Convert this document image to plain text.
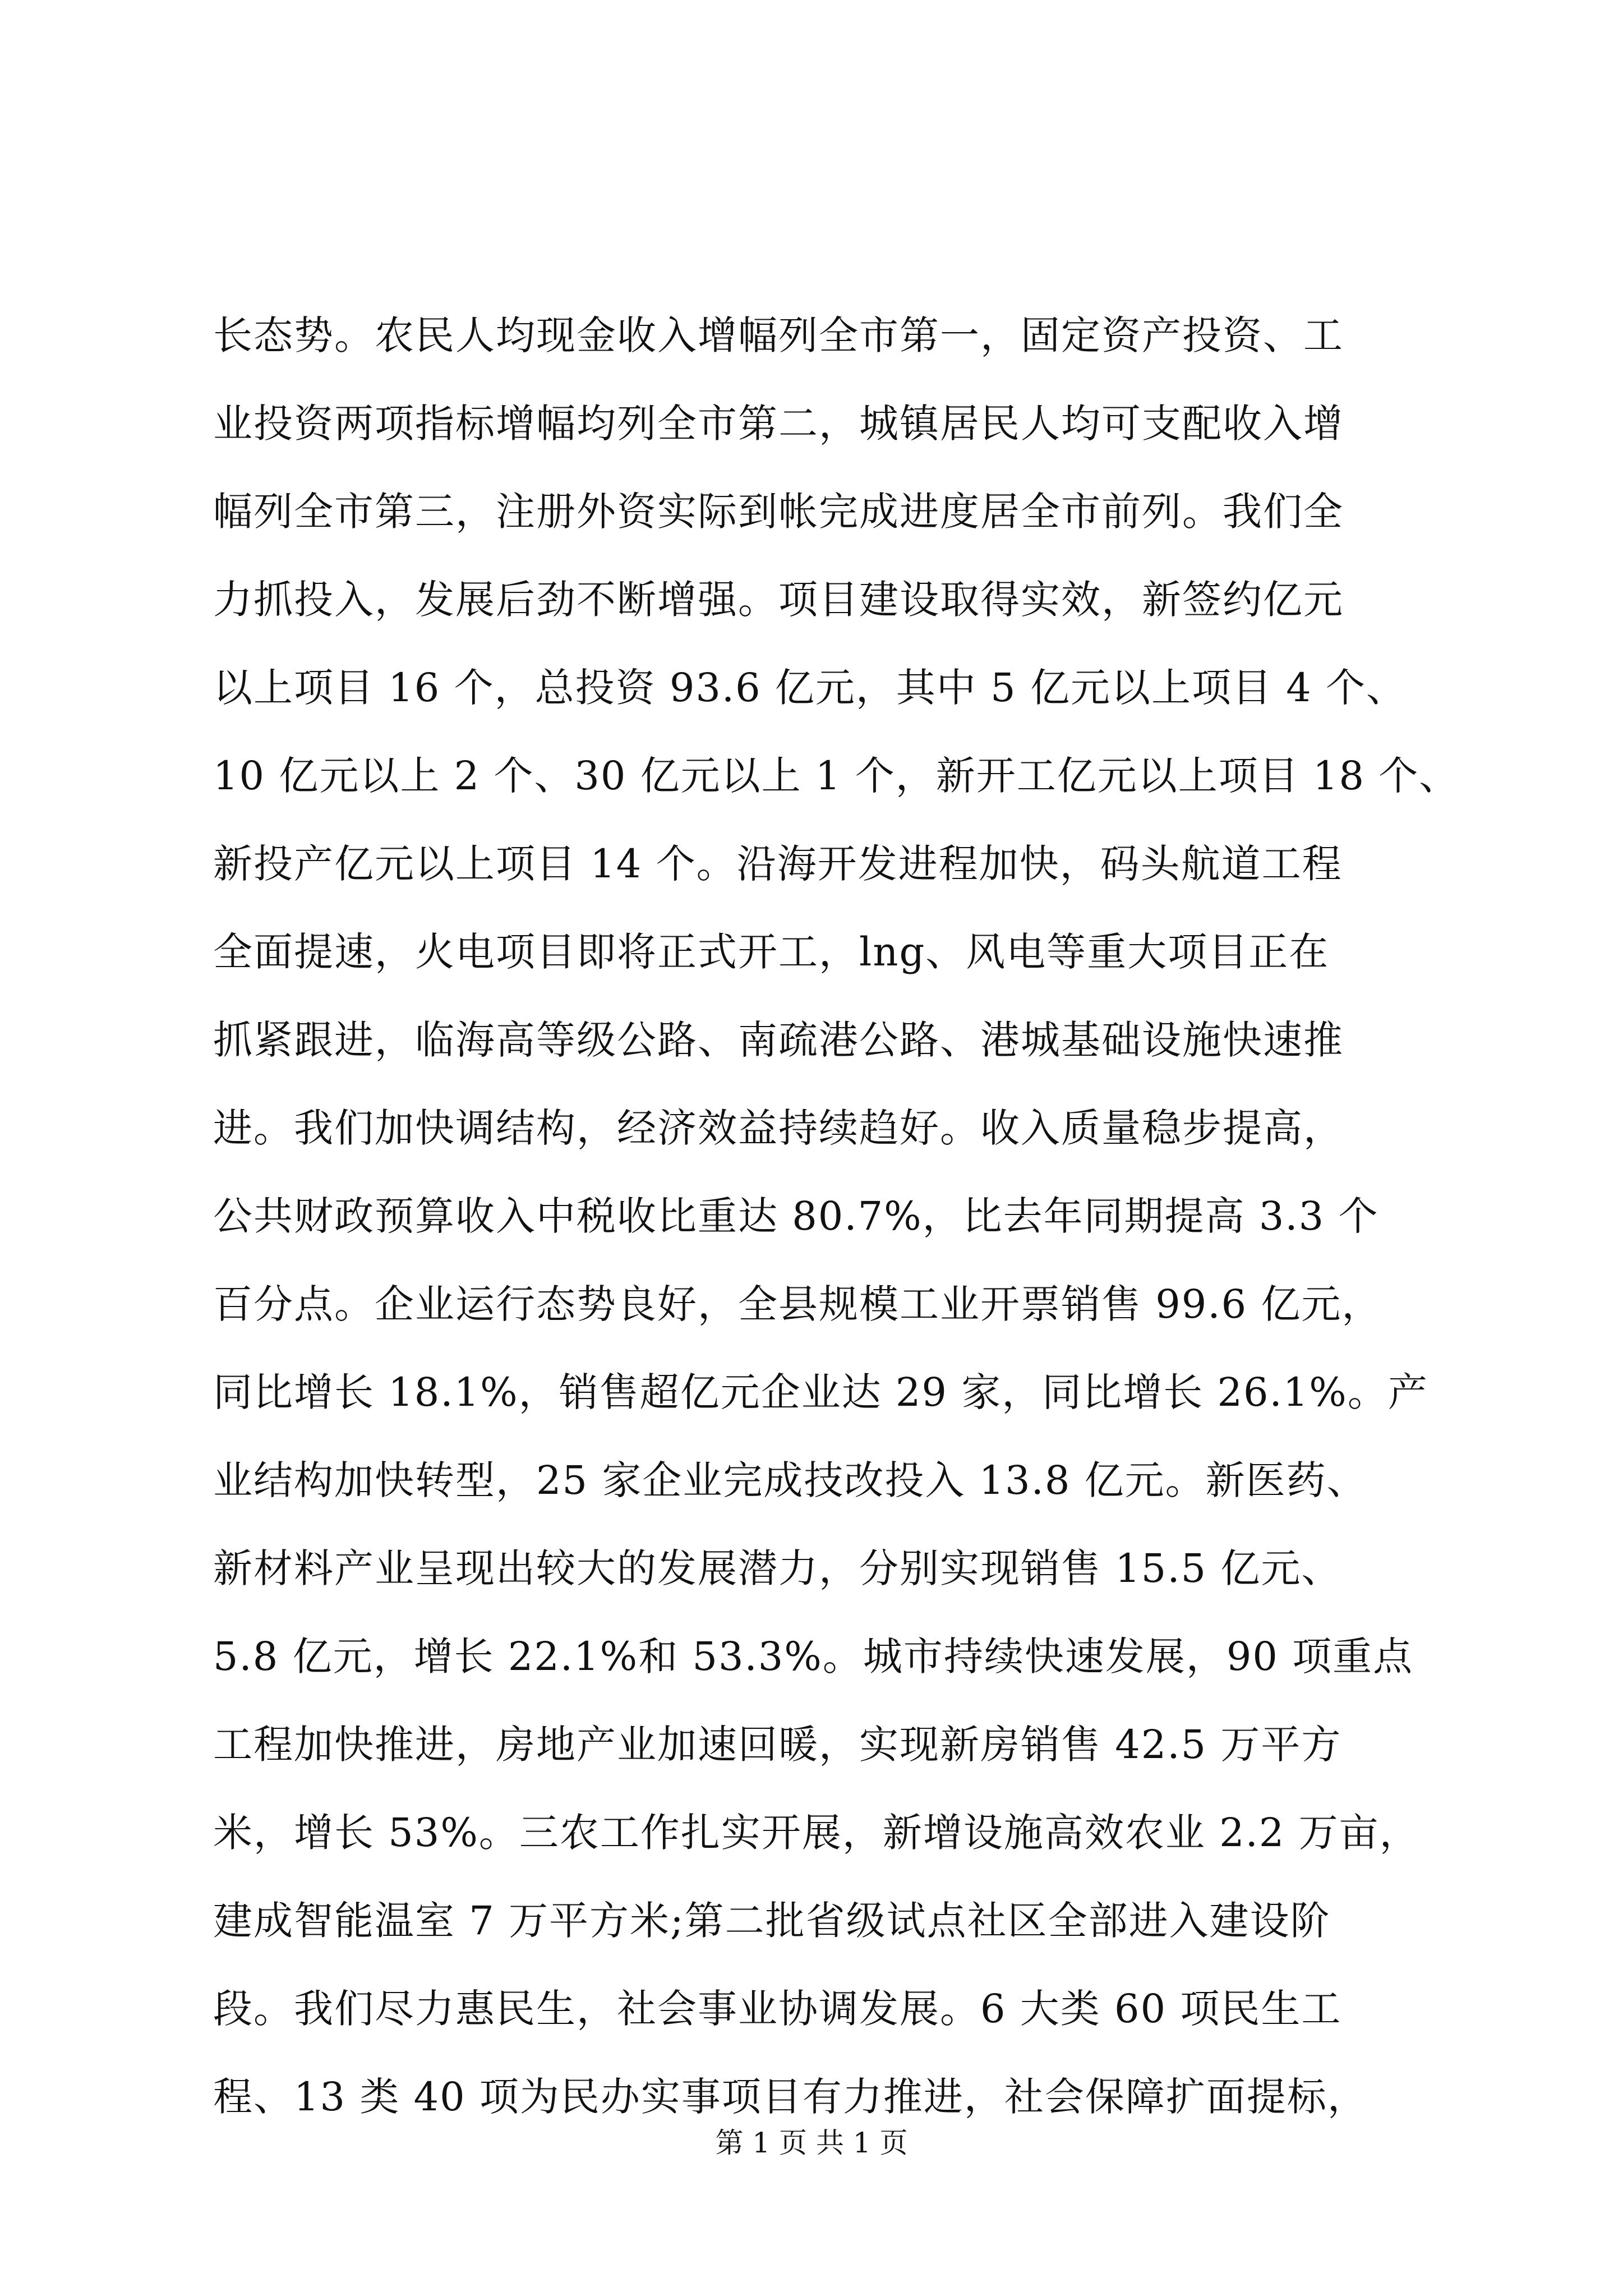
长态势。农民人均现金收入增幅列全市第一，固定资产投资、工
业投资两项指标增幅均列全市第二，城镇居民人均可支配收入增
幅列全市第三，注册外资实际到帐完成进度居全市前列。我们全
力抓投入，发展后劲不断增强。项目建设取得实效，新签约亿元
以上项目 16 个，总投资 93.6 亿元，其中 5 亿元以上项目 4 个、
10 亿元以上 2 个、30 亿元以上 1 个，新开工亿元以上项目 18 个、
新投产亿元以上项目 14 个。沿海开发进程加快，码头航道工程
全面提速，火电项目即将正式开工，lng、风电等重大项目正在
抓紧跟进，临海高等级公路、南疏港公路、港城基础设施快速推
进。我们加快调结构，经济效益持续趋好。收入质量稳步提高，
公共财政预算收入中税收比重达 80.7%，比去年同期提高 3.3 个
百分点。企业运行态势良好，全县规模工业开票销售 99.6 亿元，
同比增长 18.1%，销售超亿元企业达 29 家，同比增长 26.1%。产
业结构加快转型，25 家企业完成技改投入 13.8 亿元。新医药、
新材料产业呈现出较大的发展潜力，分别实现销售 15.5 亿元、
5.8 亿元，增长 22.1%和 53.3%。城市持续快速发展，90 项重点
工程加快推进，房地产业加速回暖，实现新房销售 42.5 万平方
米，增长 53%。三农工作扎实开展，新增设施高效农业 2.2 万亩，
建成智能温室 7 万平方米;第二批省级试点社区全部进入建设阶
段。我们尽力惠民生，社会事业协调发展。6 大类 60 项民生工
程、13 类 40 项为民办实事项目有力推进，社会保障扩面提标，
第 1 页 共 1 页
